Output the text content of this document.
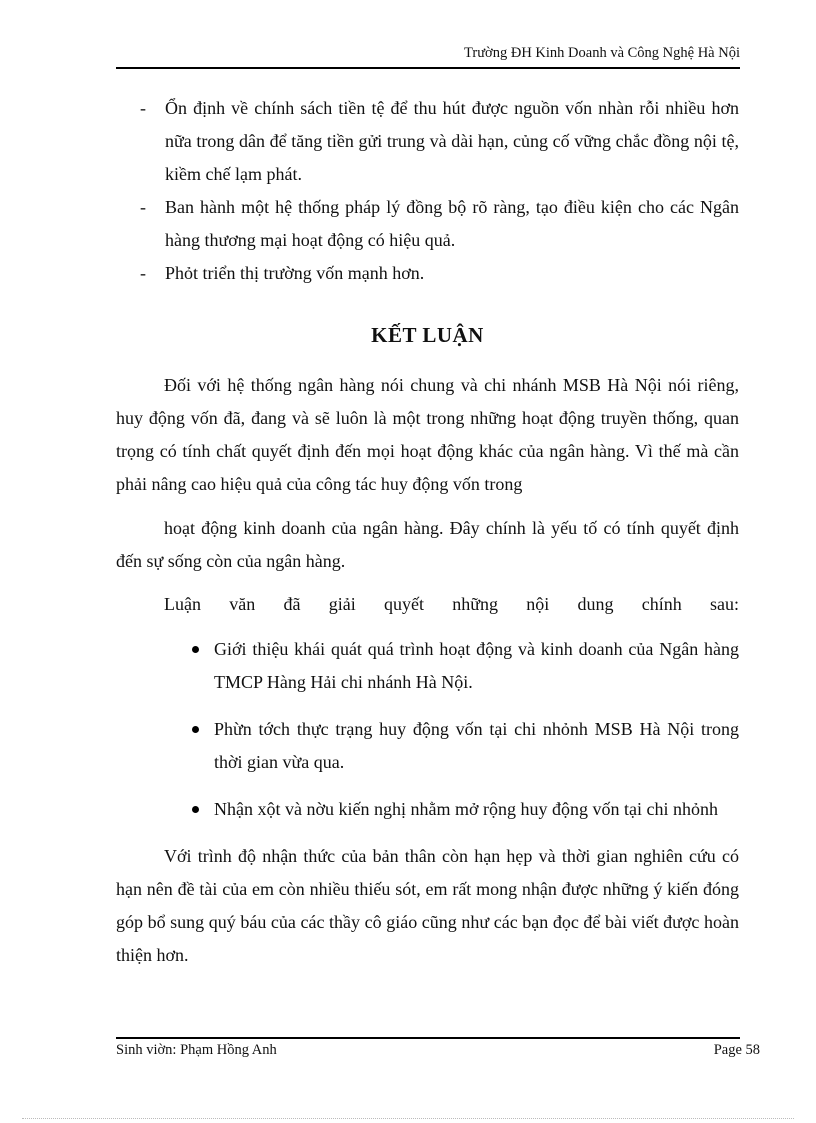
Trường ĐH Kinh Doanh và Công Nghệ Hà Nội
- Ổn định về chính sách tiền tệ để thu hút được nguồn vốn nhàn rỗi nhiều hơn nữa trong dân để tăng tiền gửi trung và dài hạn, củng cố vững chắc đồng nội tệ, kiềm chế lạm phát.
- Ban hành một hệ thống pháp lý đồng bộ rõ ràng, tạo điều kiện cho các Ngân hàng thương mại hoạt động có hiệu quả.
- Phỏt triển thị trường vốn mạnh hơn.
KẾT LUẬN

Đối với hệ thống ngân hàng nói chung và chi nhánh MSB Hà Nội nói riêng, huy động vốn đã, đang và sẽ luôn là một trong những hoạt động truyền thống, quan trọng có tính chất quyết định đến mọi hoạt động khác của ngân hàng. Vì thế mà cần phải nâng cao hiệu quả của công tác huy động vốn trong

hoạt động kinh doanh của ngân hàng. Đây chính là yếu tố có tính quyết định đến sự sống còn của ngân hàng.

Luận văn đã giải quyết những nội dung chính sau:

Giới thiệu khái quát quá trình hoạt động và kinh doanh của Ngân hàng TMCP Hàng Hải chi nhánh Hà Nội.
Phừn tớch thực trạng huy động vốn tại chi nhỏnh MSB Hà Nội trong thời gian vừa qua.
Nhận xột và nờu kiến nghị nhằm mở rộng huy động vốn tại chi nhỏnh

Với trình độ nhận thức của bản thân còn hạn hẹp và thời gian nghiên cứu có hạn nên đề tài của em còn nhiều thiếu sót, em rất mong nhận được những ý kiến đóng góp bổ sung quý báu của các thầy cô giáo cũng như các bạn đọc để bài viết được hoàn thiện hơn.

Sinh viờn: Phạm Hồng Anh	Page 58
